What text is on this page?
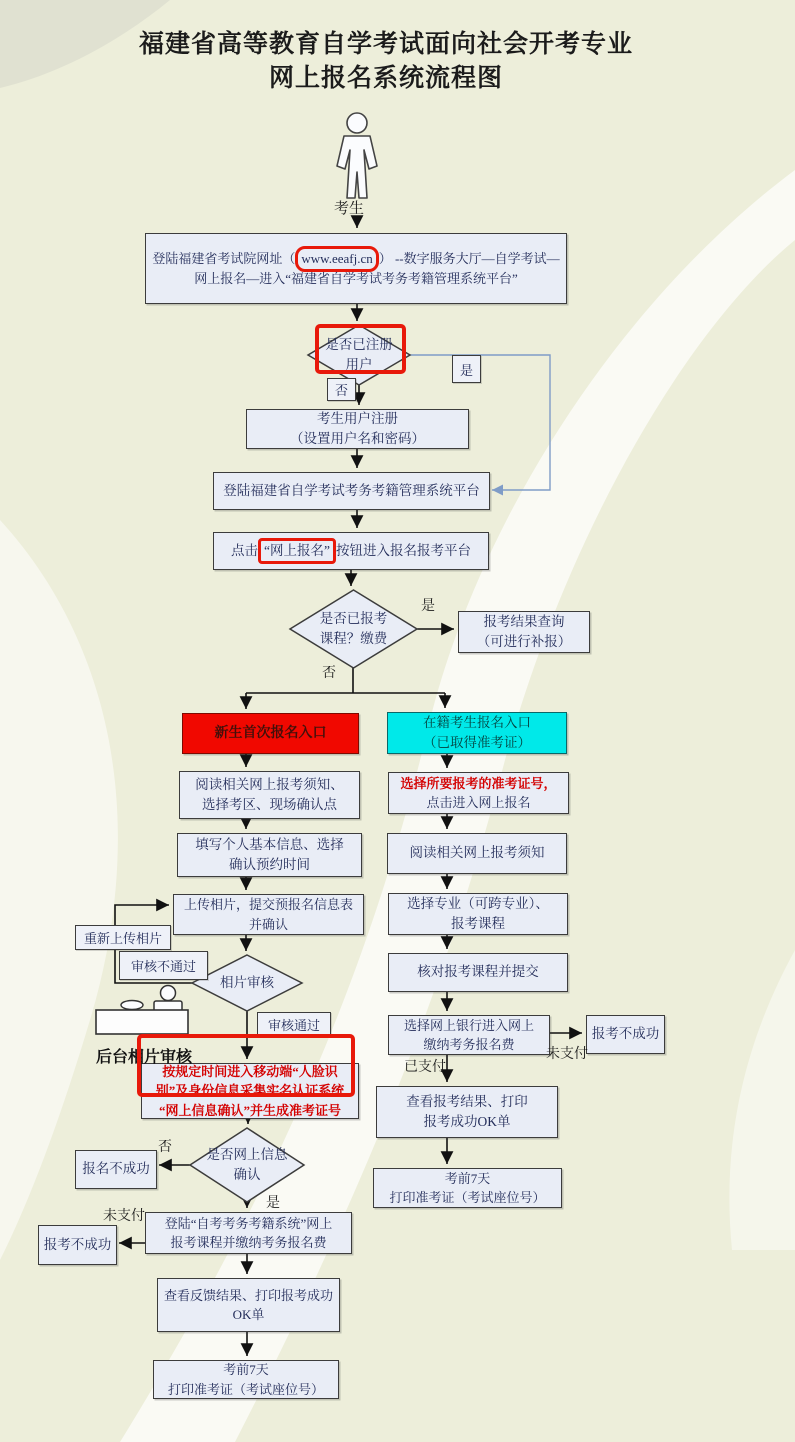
福建省高等教育自学考试面向社会开考专业
网上报名系统流程图
考生
登陆福建省考试院网址（ www.eeafj.cn ） --数字服务大厅—自学考试—
网上报名—进入“福建省自学考试考务考籍管理系统平台”
是否已注册
用户
否
是
考生用户注册
（设置用户名和密码）
登陆福建省自学考试考务考籍管理系统平台
点击 “网上报名” 按钮进入报名报考平台
是否已报考
课程？缴费
是
否
报考结果查询
（可进行补报）
新生首次报名入口
在籍考生报名入口
（已取得准考证）
阅读相关网上报考须知、
选择考区、现场确认点
填写个人基本信息、选择
确认预约时间
上传相片，提交预报名信息表
并确认
重新上传相片
审核不通过
相片审核
审核通过
后台相片审核
按规定时间进入移动端“人脸识
别”及身份信息采集实名认证系统
“网上信息确认”并生成准考证号
是否网上信息
确认
否
是
报名不成功
登陆“自考考务考籍系统”网上
报考课程并缴纳考务报名费
未支付
报考不成功
查看反馈结果、打印报考成功
OK单
考前7天
打印准考证（考试座位号）
选择所要报考的准考证号，
点击进入网上报名
阅读相关网上报考须知
选择专业（可跨专业）、
报考课程
核对报考课程并提交
选择网上银行进入网上
缴纳考务报名费
未支付
报考不成功
已支付
查看报考结果、打印
报考成功OK单
考前7天
打印准考证（考试座位号）
